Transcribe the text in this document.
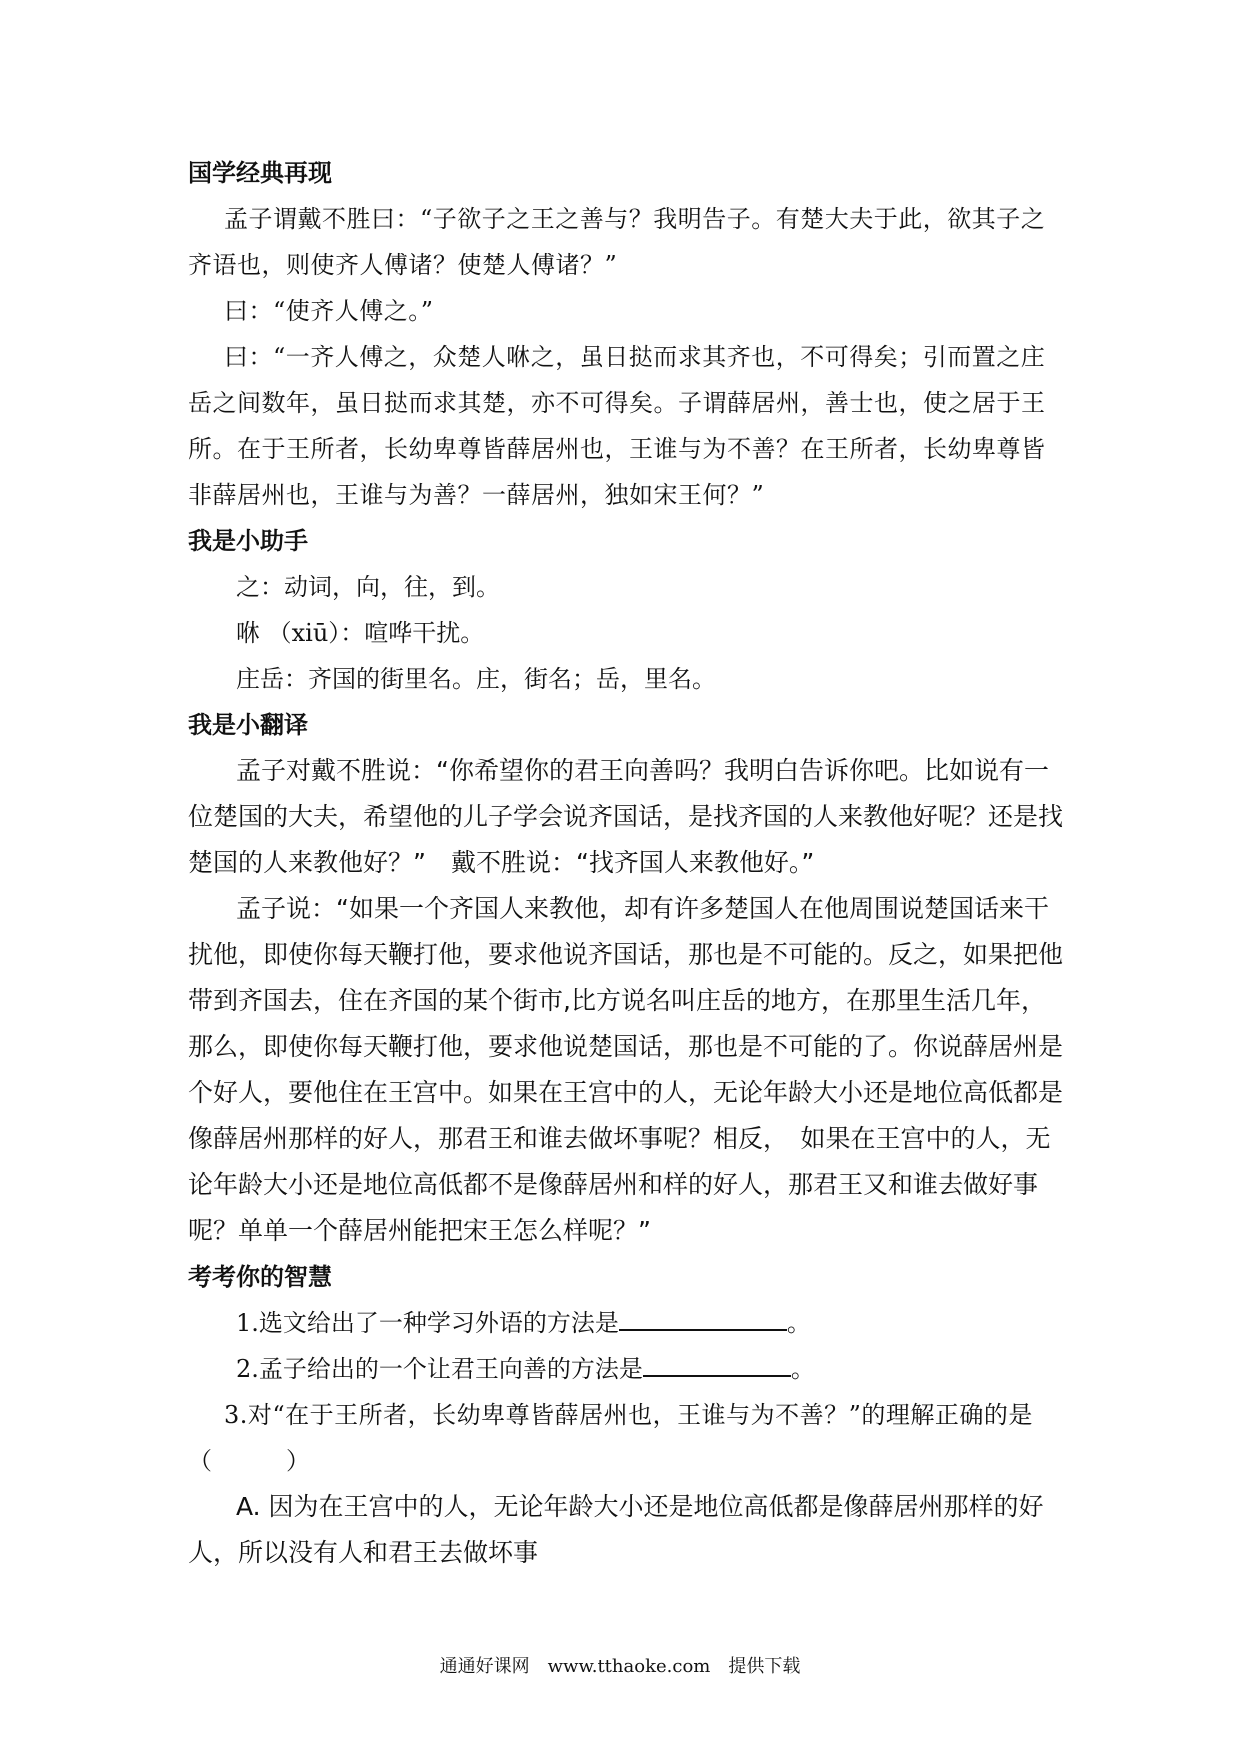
国学经典再现

孟子谓戴不胜曰：“子欲子之王之善与？我明告子。有楚大夫于此，欲其子之齐语也，则使齐人傅诸？使楚人傅诸？”

曰：“使齐人傅之。”

曰：“一齐人傅之，众楚人咻之，虽日挞而求其齐也，不可得矣；引而置之庄岳之间数年，虽日挞而求其楚，亦不可得矣。子谓薛居州，善士也，使之居于王所。在于王所者，长幼卑尊皆薛居州也，王谁与为不善？在王所者，长幼卑尊皆非薛居州也，王谁与为善？一薛居州，独如宋王何？”

我是小助手

之：动词，向，往，到。

咻 （xiū）：喧哗干扰。

庄岳：齐国的街里名。庄，街名；岳，里名。

我是小翻译

孟子对戴不胜说：“你希望你的君王向善吗？我明白告诉你吧。比如说有一位楚国的大夫，希望他的儿子学会说齐国话，是找齐国的人来教他好呢？还是找楚国的人来教他好？”　戴不胜说：“找齐国人来教他好。”

孟子说：“如果一个齐国人来教他，却有许多楚国人在他周围说楚国话来干扰他，即使你每天鞭打他，要求他说齐国话，那也是不可能的。反之，如果把他带到齐国去，住在齐国的某个街市,比方说名叫庄岳的地方，在那里生活几年，那么，即使你每天鞭打他，要求他说楚国话，那也是不可能的了。你说薛居州是个好人，要他住在王宫中。如果在王宫中的人，无论年龄大小还是地位高低都是像薛居州那样的好人，那君王和谁去做坏事呢？相反，　如果在王宫中的人，无论年龄大小还是地位高低都不是像薛居州和样的好人，那君王又和谁去做好事呢？单单一个薛居州能把宋王怎么样呢？”

考考你的智慧

1.选文给出了一种学习外语的方法是	。

2.孟子给出的一个让君王向善的方法是	。

3.对“在于王所者，长幼卑尊皆薛居州也，王谁与为不善？”的理解正确的是（　　　）

A. 因为在王宫中的人，无论年龄大小还是地位高低都是像薛居州那样的好人，所以没有人和君王去做坏事

通通好课网　www.tthaoke.com　提供下载
